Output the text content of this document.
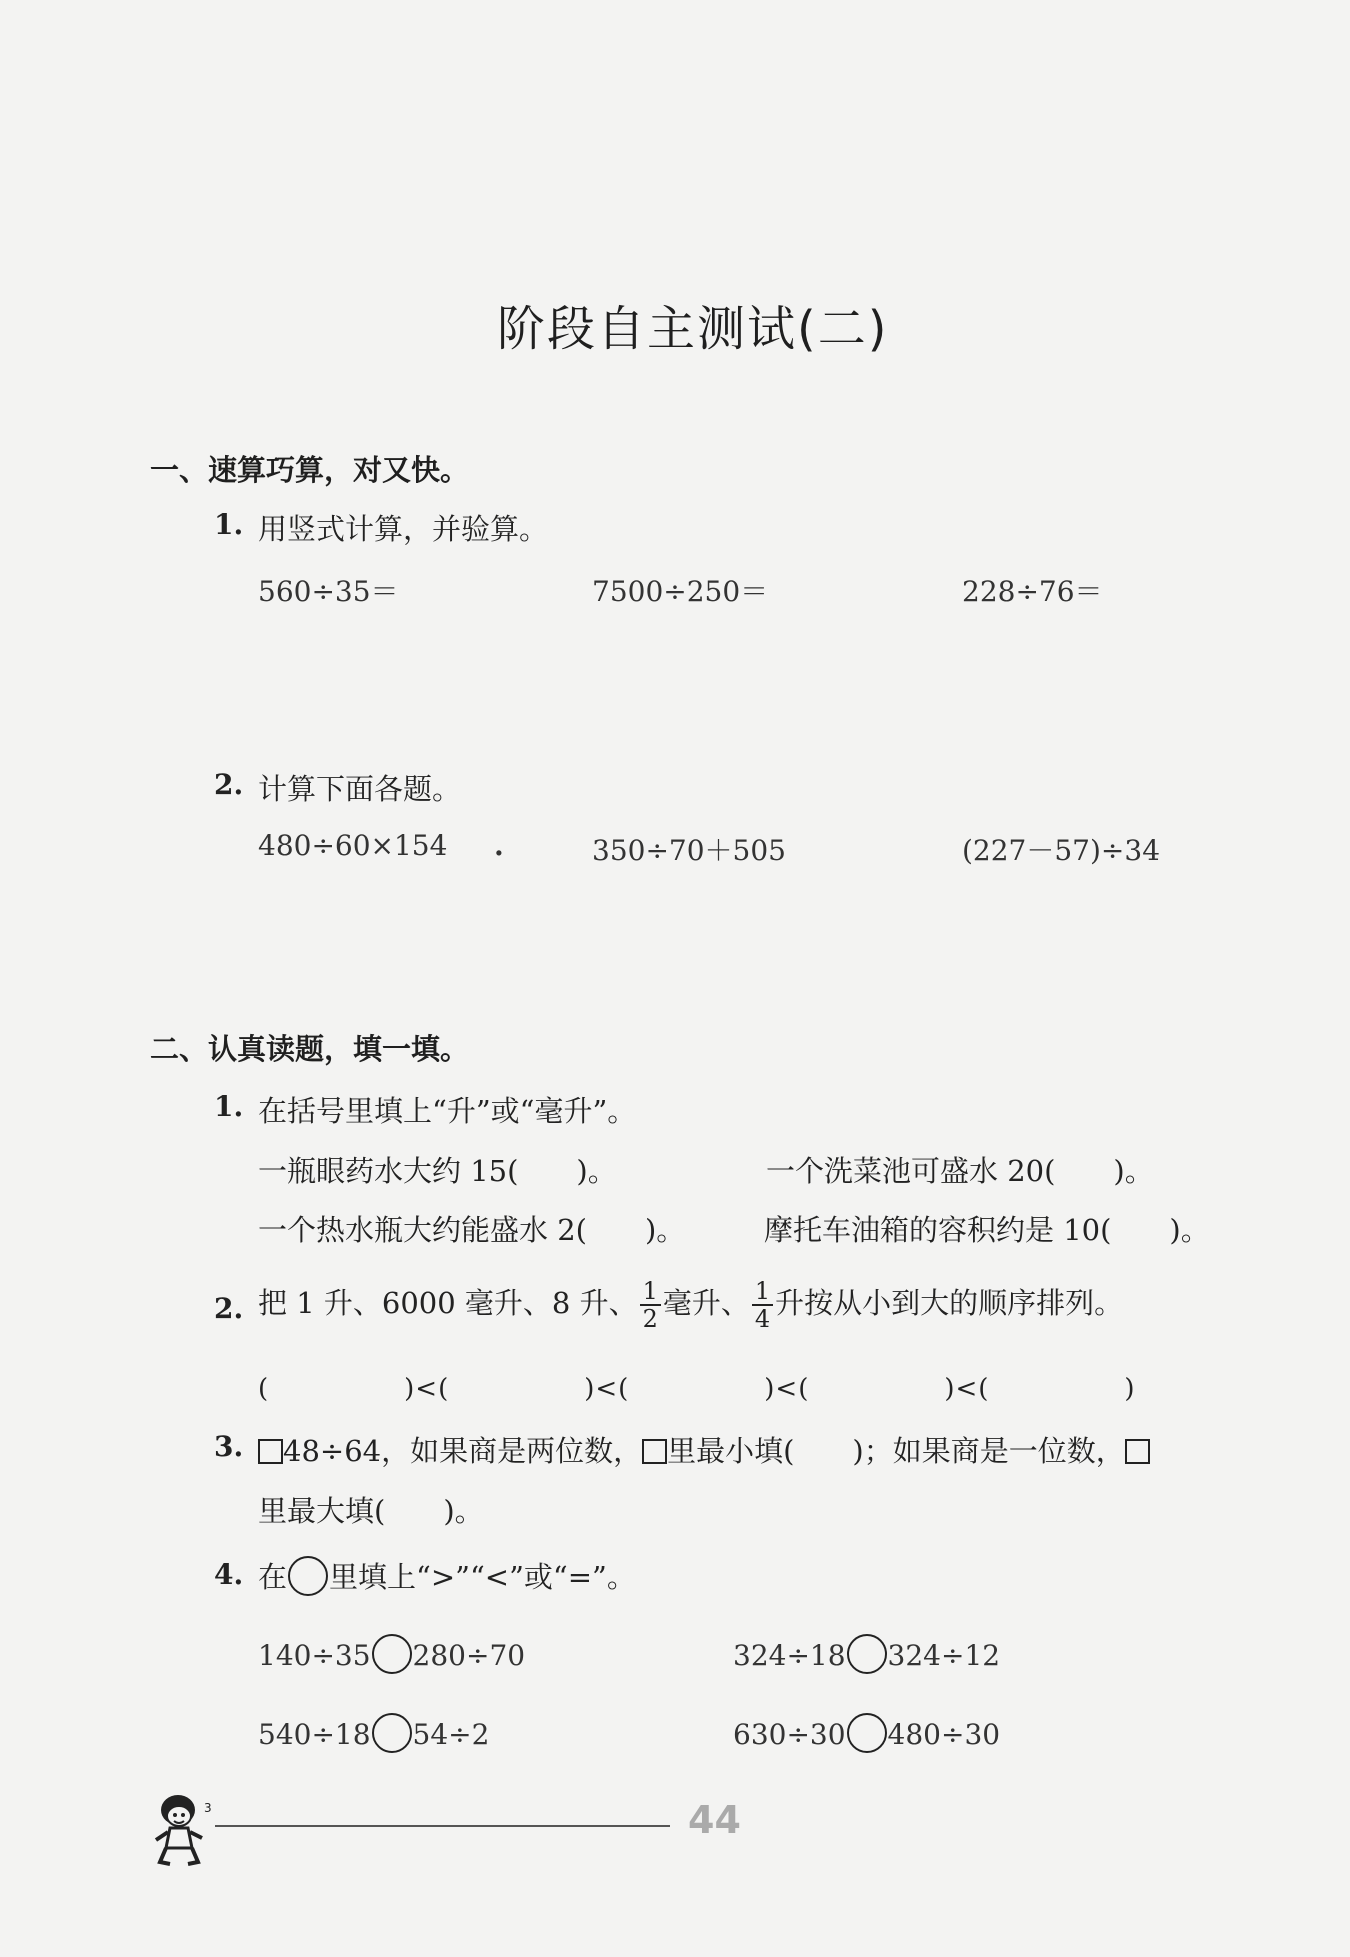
阶段自主测试(二)
一、速算巧算，对又快。
1. 用竖式计算，并验算。
560÷35＝	7500÷250＝	228÷76＝
2. 计算下面各题。
480÷60×154 .	350÷70＋505	(227－57)÷34
二、认真读题，填一填。
1. 在括号里填上“升”或“毫升”。
一瓶眼药水大约 15(　　)。	一个洗菜池可盛水 20(　　)。
一个热水瓶大约能盛水 2(　　)。	摩托车油箱的容积约是 10(　　)。
2. 把 1 升、6000 毫升、8 升、 $\frac{1}{2}$ 毫升、 $\frac{1}{4}$ 升按从小到大的顺序排列。
(　　　　　)<(　　　　　)<(　　　　　)<(　　　　　)<(　　　　　)
3.	48÷64，如果商是两位数， 里最小填(　　)；如果商是一位数，
里最大填(　　)。
4. 在 里填上“>”“<”或“=”。
140÷35 280÷70	324÷18 324÷12
540÷18 54÷2	630÷30 480÷30
3	44
